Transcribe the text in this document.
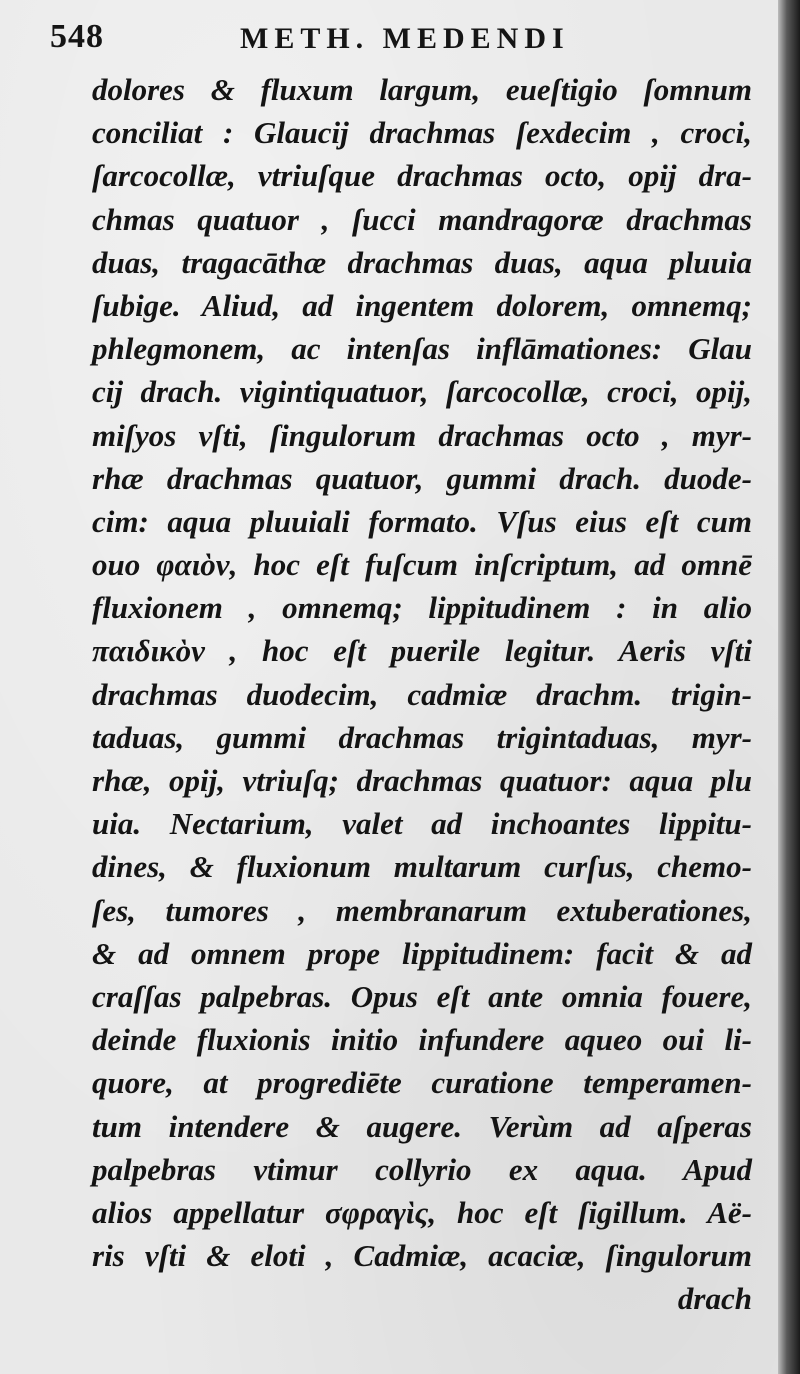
548	METH. MEDENDI
dolores & fluxum largum, eueſtigio ſomnum
conciliat : Glaucij drachmas ſexdecim , croci,
ſarcocollæ, vtriuſque drachmas octo, opij dra-
chmas quatuor , ſucci mandragoræ drachmas
duas, tragacāthæ drachmas duas, aqua pluuia
ſubige. Aliud, ad ingentem dolorem, omnemq;
phlegmonem, ac intenſas inflāmationes: Glau
cij drach. vigintiquatuor, ſarcocollæ, croci, opij,
miſyos vſti, ſingulorum drachmas octo , myr-
rhæ drachmas quatuor, gummi drach. duode-
cim: aqua pluuiali formato. Vſus eius eſt cum
ouo φαιὸν, hoc eſt fuſcum inſcriptum, ad omnē
fluxionem , omnemq; lippitudinem : in alio
παιδικὸν , hoc eſt puerile legitur. Aeris vſti
drachmas duodecim, cadmiæ drachm. trigin-
taduas, gummi drachmas trigintaduas, myr-
rhæ, opij, vtriuſq; drachmas quatuor: aqua plu
uia. Nectarium, valet ad inchoantes lippitu-
dines, & fluxionum multarum curſus, chemo-
ſes, tumores , membranarum extuberationes,
& ad omnem prope lippitudinem: facit & ad
craſſas palpebras. Opus eſt ante omnia fouere,
deinde fluxionis initio infundere aqueo oui li-
quore, at progrediēte curatione temperamen-
tum intendere & augere. Verùm ad aſperas
palpebras vtimur collyrio ex aqua. Apud
alios appellatur σφραγὶς, hoc eſt ſigillum. Aë-
ris vſti & eloti , Cadmiæ, acaciæ, ſingulorum
drach
